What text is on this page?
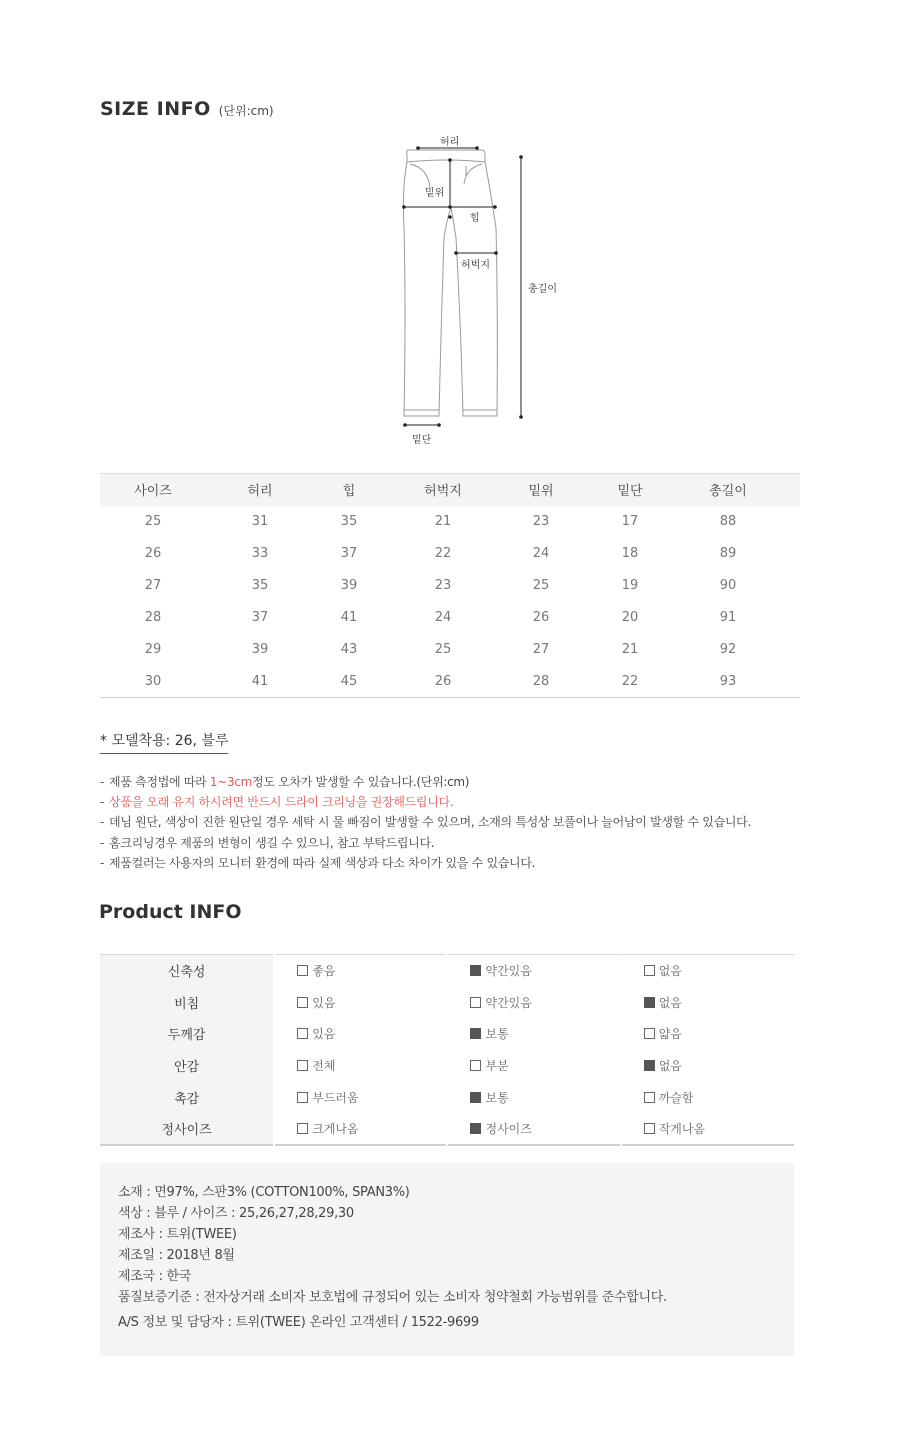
SIZE INFO (단위:cm)
허리
밑위
힙
허벅지
밑단
총길이
사이즈	허리	힙	허벅지	밑위	밑단	총길이	
25	31	35	21	23	17	88	
26	33	37	22	24	18	89	
27	35	39	23	25	19	90	
28	37	41	24	26	20	91	
29	39	43	25	27	21	92	
30	41	45	26	28	22	93	
* 모델착용: 26, 블루
- 제품 측정법에 따라 1~3cm정도 오차가 발생할 수 있습니다.(단위:cm)
- 상품을 오래 유지 하시려면 반드시 드라이 크리닝을 권장해드립니다.
- 데님 원단, 색상이 진한 원단일 경우 세탁 시 물 빠짐이 발생할 수 있으며, 소재의 특성상 보풀이나 늘어남이 발생할 수 있습니다.
- 홈크리닝경우 제품의 변형이 생길 수 있으니, 참고 부탁드립니다.
- 제품컬러는 사용자의 모니터 환경에 따라 실제 색상과 다소 차이가 있을 수 있습니다.
Product INFO
신축성	좋음	약간있음	없음
비침	있음	약간있음	없음
두께감	있음	보통	얇음
안감	전체	부분	없음
촉감	부드러움	보통	까슬함
정사이즈	크게나옴	정사이즈	작게나옴

소재 : 면97%, 스판3% (COTTON100%, SPAN3%)

색상 : 블루 / 사이즈 : 25,26,27,28,29,30

제조사 : 트위(TWEE)

제조일 : 2018년 8월

제조국 : 한국

품질보증기준 : 전자상거래 소비자 보호법에 규정되어 있는 소비자 청약철회 가능범위를 준수합니다.

A/S 정보 및 담당자 : 트위(TWEE) 온라인 고객센터 / 1522-9699
